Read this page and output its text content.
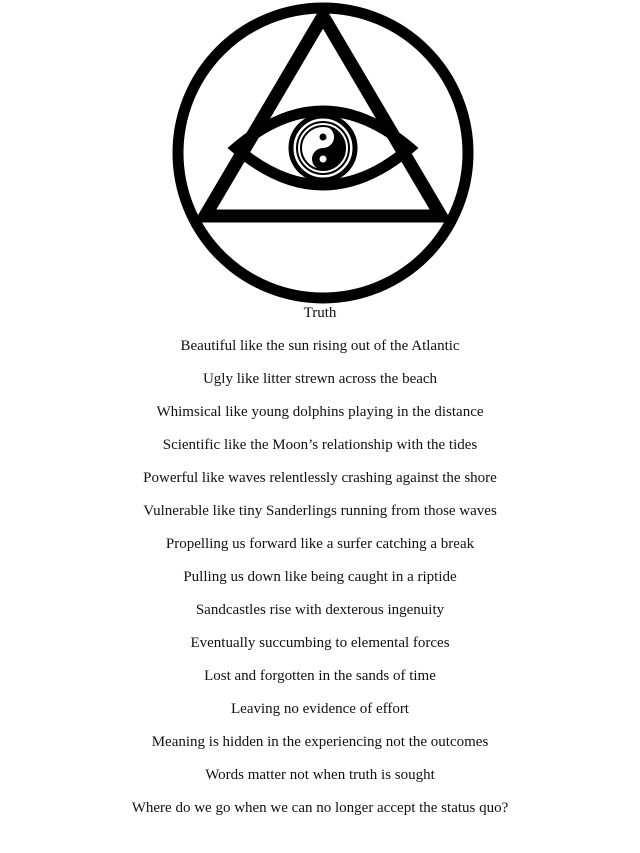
Truth
Beautiful like the sun rising out of the Atlantic
Ugly like litter strewn across the beach
Whimsical like young dolphins playing in the distance
Scientific like the Moon’s relationship with the tides
Powerful like waves relentlessly crashing against the shore
Vulnerable like tiny Sanderlings running from those waves
Propelling us forward like a surfer catching a break
Pulling us down like being caught in a riptide
Sandcastles rise with dexterous ingenuity
Eventually succumbing to elemental forces
Lost and forgotten in the sands of time
Leaving no evidence of effort
Meaning is hidden in the experiencing not the outcomes
Words matter not when truth is sought
Where do we go when we can no longer accept the status quo?
